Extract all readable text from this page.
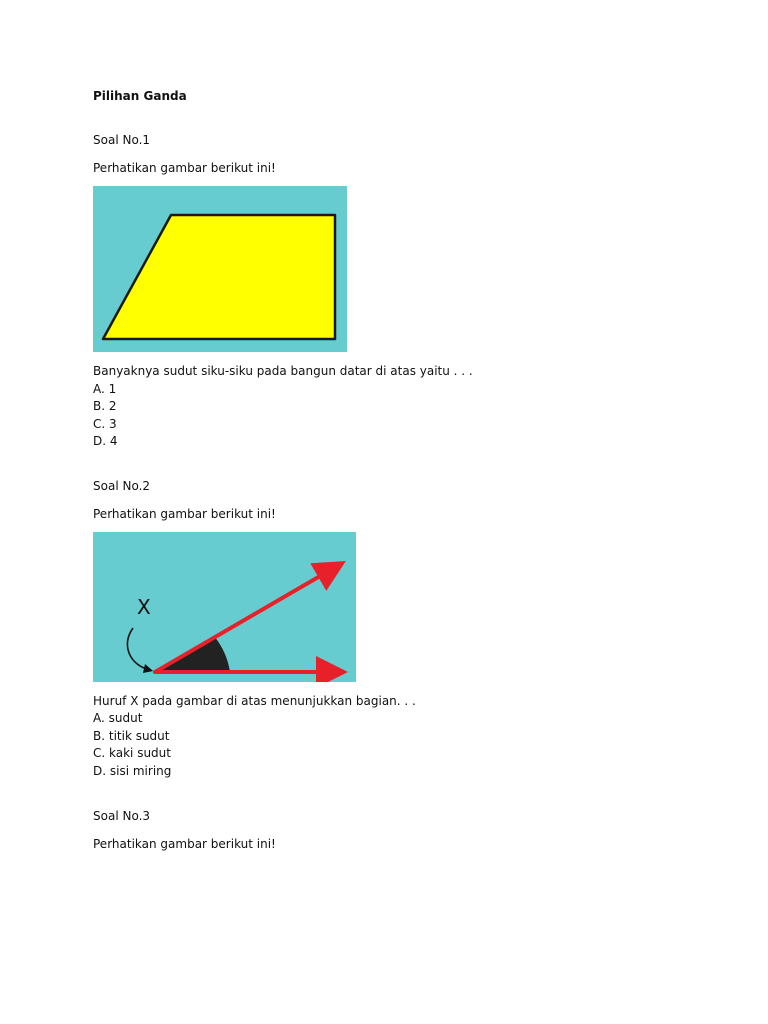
Pilihan Ganda
Soal No.1
Perhatikan gambar berikut ini!
Banyaknya sudut siku-siku pada bangun datar di atas yaitu . . .
A. 1
B. 2
C. 3
D. 4
Soal No.2
Perhatikan gambar berikut ini!
X
Huruf X pada gambar di atas menunjukkan bagian. . .
A. sudut
B. titik sudut
C. kaki sudut
D. sisi miring
Soal No.3
Perhatikan gambar berikut ini!
